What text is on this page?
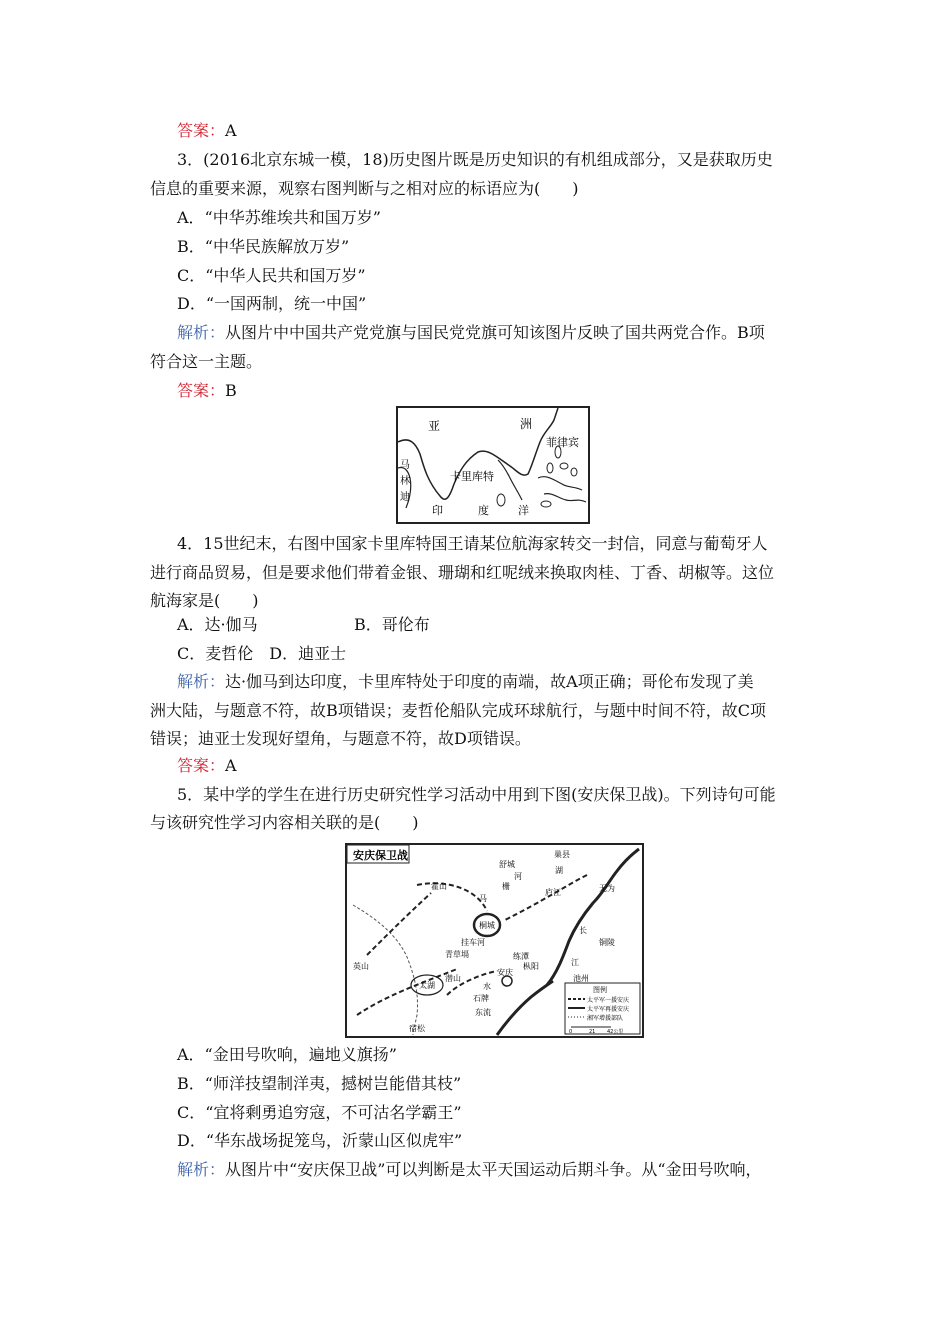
答案：A
3．(2016北京东城一模，18)历史图片既是历史知识的有机组成部分，又是获取历史
信息的重要来源，观察右图判断与之相对应的标语应为(　　)
A．“中华苏维埃共和国万岁”
B．“中华民族解放万岁”
C．“中华人民共和国万岁”
D．“一国两制，统一中国”
解析：从图片中中国共产党党旗与国民党党旗可知该图片反映了国共两党合作。B项
符合这一主题。
答案：B
亚	洲
菲律宾
卡里库特
马
林
迪
印	度	洋
4．15世纪末，右图中国家卡里库特国王请某位航海家转交一封信，同意与葡萄牙人
进行商品贸易，但是要求他们带着金银、珊瑚和红呢绒来换取肉桂、丁香、胡椒等。这位
航海家是(　　)
A．达·伽马	B．哥伦布
C．麦哲伦　D．迪亚士
解析：达·伽马到达印度，卡里库特处于印度的南端，故A项正确；哥伦布发现了美
洲大陆，与题意不符，故B项错误；麦哲伦船队完成环球航行，与题中时间不符，故C项
错误；迪亚士发现好望角，与题意不符，故D项错误。
答案：A
5．某中学的学生在进行历史研究性学习活动中用到下图(安庆保卫战)。下列诗句可能
与该研究性学习内容相关联的是(　　)
安庆保卫战	巢县
舒城
湖
河
栅
霍山
马
庐江	无为
桐城
挂车河
长
铜陵
青草塥	练潭
枞阳	江
英山
潜山
安庆
池州
太湖	水
石牌
东流
宿松
图例
太平军一援安庆
太平军再援安庆
湘军增援部队
0	21 42公里
A．“金田号吹响，遍地义旗扬”
B．“师洋技望制洋夷，撼树岂能借其枝”
C．“宜将剩勇追穷寇，不可沽名学霸王”
D．“华东战场捉笼鸟，沂蒙山区似虎牢”
解析：从图片中“安庆保卫战”可以判断是太平天国运动后期斗争。从“金田号吹响，
